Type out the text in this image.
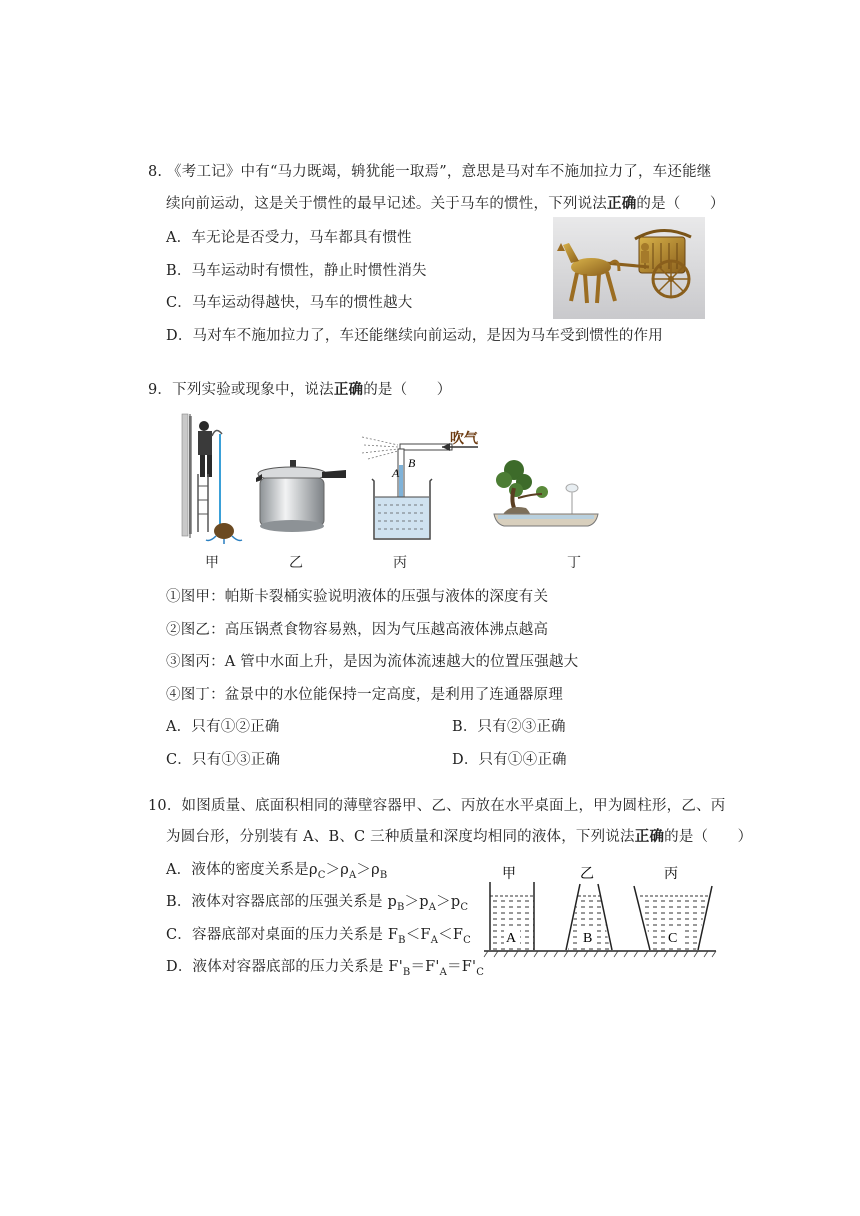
8. 《考工记》中有“马力既竭，辀犹能一取焉”，意思是马对车不施加拉力了，车还能继
续向前运动，这是关于惯性的最早记述。关于马车的惯性，下列说法正确的是（　　）
A．车无论是否受力，马车都具有惯性
B．马车运动时有惯性，静止时惯性消失
C．马车运动得越快，马车的惯性越大
D．马对车不施加拉力了，车还能继续向前运动，是因为马车受到惯性的作用
9．下列实验或现象中，说法正确的是（　　）
甲	乙
A
B
吹气
丙	丁
①图甲：帕斯卡裂桶实验说明液体的压强与液体的深度有关
②图乙：高压锅煮食物容易熟，因为气压越高液体沸点越高
③图丙：A 管中水面上升，是因为流体流速越大的位置压强越大
④图丁：盆景中的水位能保持一定高度，是利用了连通器原理
A．只有①②正确	B．只有②③正确
C．只有①③正确	D．只有①④正确
10．如图质量、底面积相同的薄壁容器甲、乙、丙放在水平桌面上，甲为圆柱形，乙、丙
为圆台形，分别装有 A、B、C 三种质量和深度均相同的液体，下列说法正确的是（　　）
A．液体的密度关系是$\rho_C>\rho_A>\rho_B$
B．液体对容器底部的压强关系是 $p_B>p_A>p_C$
C．容器底部对桌面的压力关系是 $F_B<F_A<F_C$
D．液体对容器底部的压力关系是 $F'_B=F'_A=F'_C$
甲	乙	丙
A	B	C
